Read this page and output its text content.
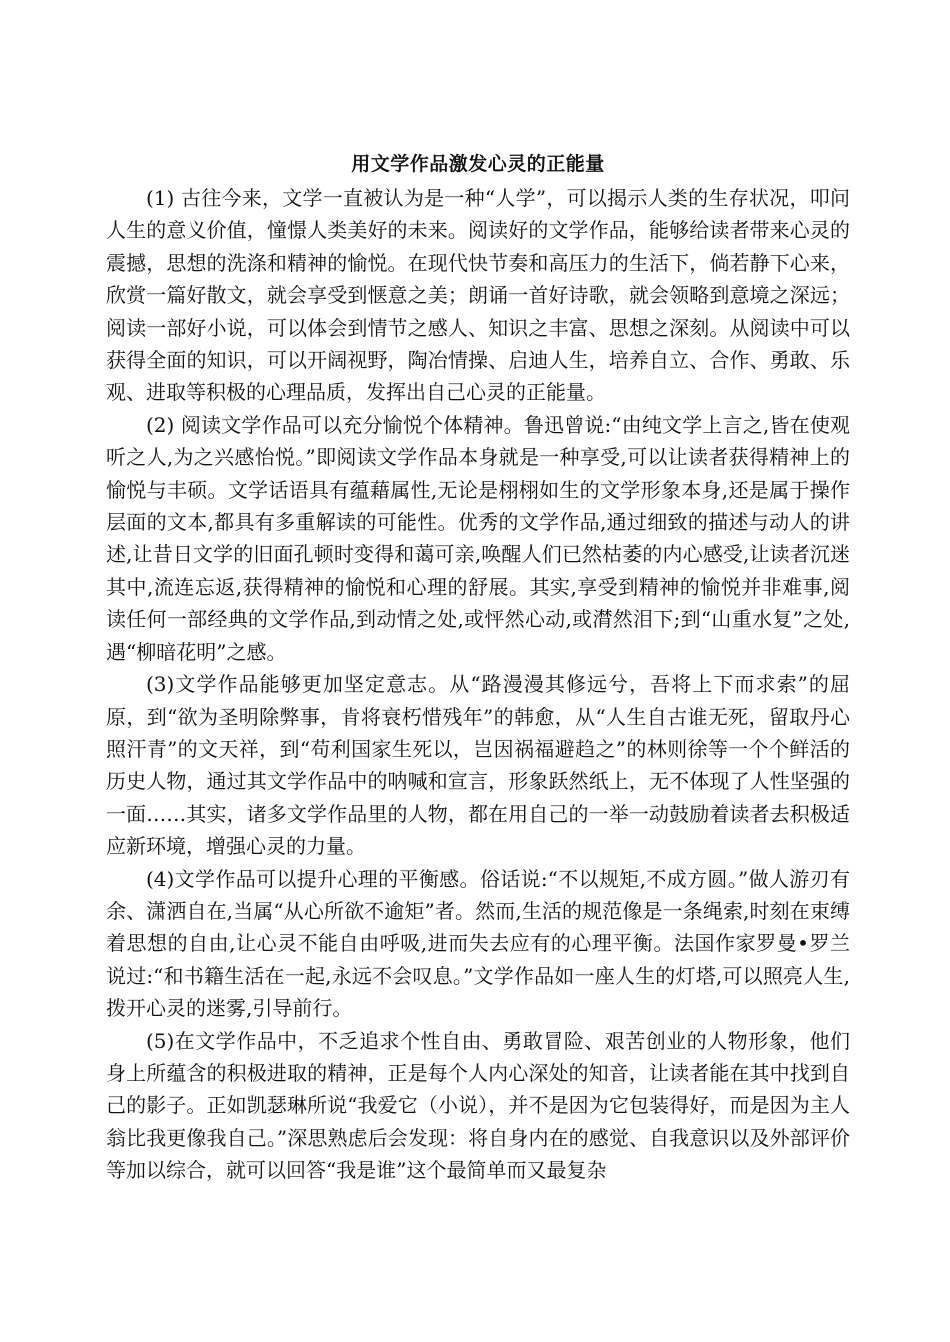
用文学作品激发心灵的正能量

(1) 古往今来，文学一直被认为是一种“人学”，可以揭示人类的生存状况，叩问人生的意义价值，憧憬人类美好的未来。阅读好的文学作品，能够给读者带来心灵的震撼，思想的洗涤和精神的愉悦。在现代快节奏和高压力的生活下，倘若静下心来，欣赏一篇好散文，就会享受到惬意之美；朗诵一首好诗歌，就会领略到意境之深远；阅读一部好小说，可以体会到情节之感人、知识之丰富、思想之深刻。从阅读中可以获得全面的知识，可以开阔视野，陶冶情操、启迪人生，培养自立、合作、勇敢、乐观、进取等积极的心理品质，发挥出自己心灵的正能量。

(2) 阅读文学作品可以充分愉悦个体精神。鲁迅曾说:“由纯文学上言之,皆在使观听之人,为之兴感怡悦。”即阅读文学作品本身就是一种享受,可以让读者获得精神上的愉悦与丰硕。文学话语具有蕴藉属性,无论是栩栩如生的文学形象本身,还是属于操作层面的文本,都具有多重解读的可能性。优秀的文学作品,通过细致的描述与动人的讲述,让昔日文学的旧面孔顿时变得和蔼可亲,唤醒人们已然枯萎的内心感受,让读者沉迷其中,流连忘返,获得精神的愉悦和心理的舒展。其实,享受到精神的愉悦并非难事,阅读任何一部经典的文学作品,到动情之处,或怦然心动,或潸然泪下;到“山重水复”之处,遇“柳暗花明”之感。

(3)文学作品能够更加坚定意志。从“路漫漫其修远兮，吾将上下而求索”的屈原，到“欲为圣明除弊事，肯将衰朽惜残年”的韩愈，从“人生自古谁无死，留取丹心照汗青”的文天祥，到“苟利国家生死以，岂因祸福避趋之”的林则徐等一个个鲜活的历史人物，通过其文学作品中的呐喊和宣言，形象跃然纸上，无不体现了人性坚强的一面……其实，诸多文学作品里的人物，都在用自己的一举一动鼓励着读者去积极适应新环境，增强心灵的力量。

(4)文学作品可以提升心理的平衡感。俗话说:“不以规矩,不成方圆。”做人游刃有余、潇洒自在,当属“从心所欲不逾矩”者。然而,生活的规范像是一条绳索,时刻在束缚着思想的自由,让心灵不能自由呼吸,进而失去应有的心理平衡。法国作家罗曼•罗兰说过:“和书籍生活在一起,永远不会叹息。”文学作品如一座人生的灯塔,可以照亮人生,拨开心灵的迷雾,引导前行。

(5)在文学作品中，不乏追求个性自由、勇敢冒险、艰苦创业的人物形象，他们身上所蕴含的积极进取的精神，正是每个人内心深处的知音，让读者能在其中找到自己的影子。正如凯瑟琳所说“我爱它（小说），并不是因为它包装得好，而是因为主人翁比我更像我自己。”深思熟虑后会发现：将自身内在的感觉、自我意识以及外部评价等加以综合，就可以回答“我是谁”这个最简单而又最复杂
